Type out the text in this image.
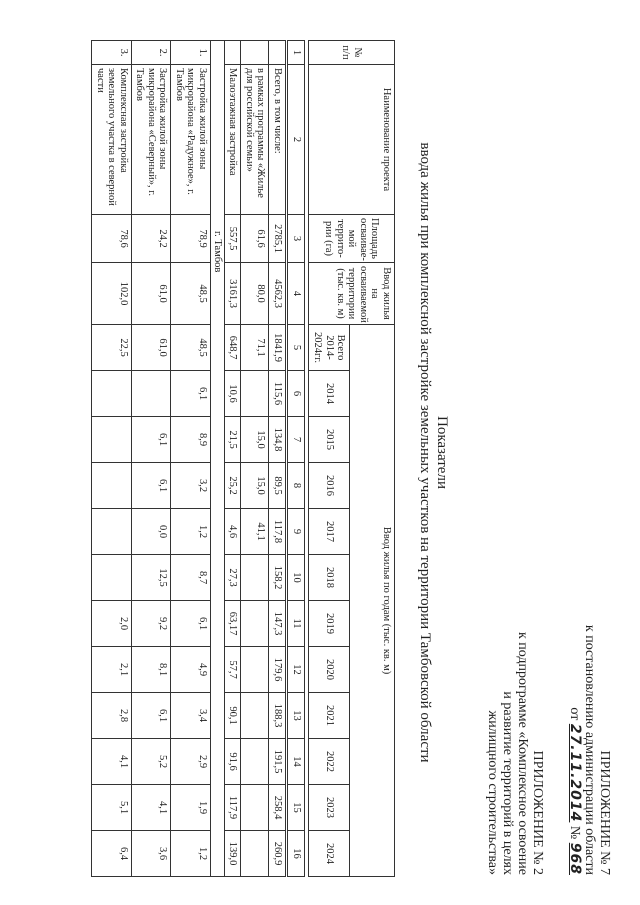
ПРИЛОЖЕНИЕ № 7
к постановлению администрации области
от 27.11.2014 № 968
ПРИЛОЖЕНИЕ № 2
к подпрограмме «Комплексное освоение
и развитие территорий в целях
жилищного строительства»
Показатели
ввода жилья при комплексной застройке земельных участков на территории Тамбовской области
№ п/п	Наименование проекта	Площадь осваивае-мой террито-рии (га)	Ввод жилья на осваиваемой территории (тыс. кв. м)	Ввод жилья по годам (тыс. кв. м)											
				Всего 2014-2024гг.	2014	2015	2016	2017	2018	2019	2020	2021	2022	2023	2024

1	2	3	4	5	6	7	8	9	10	11	12	13	14	15	16
	Всего, в том числе:	2785,1	4562,3	1841,9	115,6	134,8	89,5	117,8	158,2	147,3	179,6	188,3	191,5	258,4	260,9
	в рамках программы «Жилье для российской семьи»	61,6	80,0	71,1		15,0	15,0	41,1							
	Малоэтажная застройка	557,5	3161,3	648,7	10,6	21,5	25,2	4,6	27,3	63,17	57,7	90,1	91,6	117,9	139,0
г. Тамбов															
1.	Застройка жилой зоны микрорайона «Радужное», г. Тамбов	78,9	48,5	48,5	6,1	8,9	3,2	1,2	8,7	6,1	4,9	3,4	2,9	1,9	1,2
2.	Застройка жилой зоны микрорайона «Северный», г. Тамбов	24,2	61,0	61,0		6,1	6,1	0,0	12,5	9,2	8,1	6,1	5,2	4,1	3,6
3.	Комплексная застройка земельного участка в северной части	78,6	102,0	22,5						2,0	2,1	2,8	4,1	5,1	6,4
